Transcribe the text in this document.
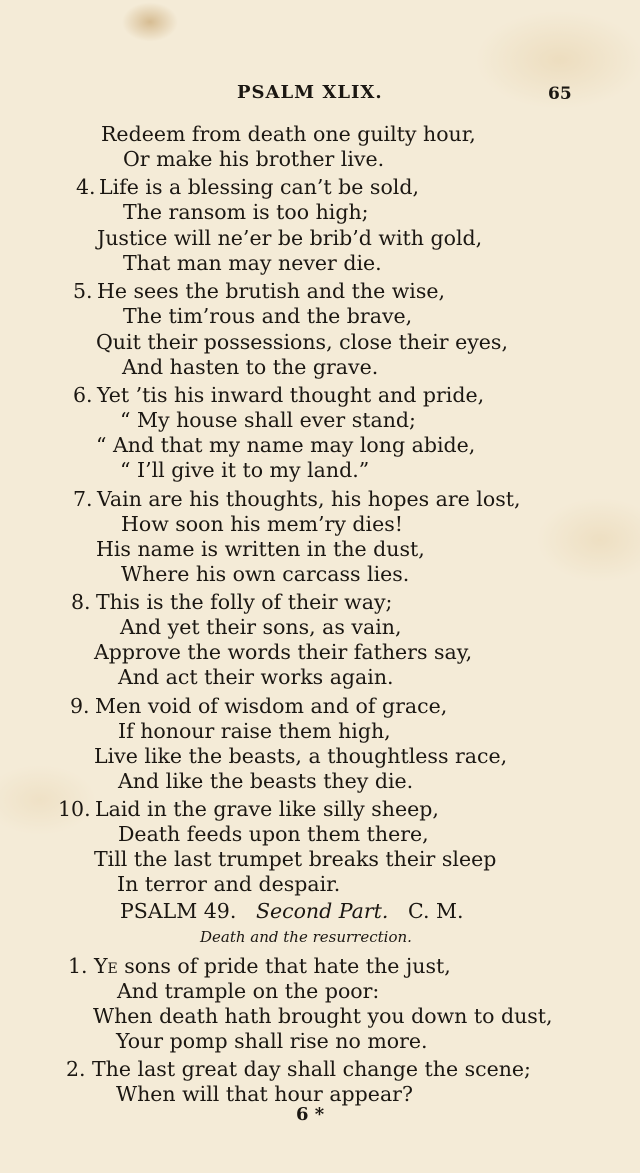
PSALM XLIX.	65
Redeem from death one guilty hour,
Or make his brother live.
4. Life is a blessing can’t be sold,
The ransom is too high;
Justice will ne’er be brib’d with gold,
That man may never die.
5. He sees the brutish and the wise,
The tim’rous and the brave,
Quit their possessions, close their eyes,
And hasten to the grave.
6. Yet ’tis his inward thought and pride,
“ My house shall ever stand;
“ And that my name may long abide,
“ I’ll give it to my land.”
7. Vain are his thoughts, his hopes are lost,
How soon his mem’ry dies!
His name is written in the dust,
Where his own carcass lies.
8. This is the folly of their way;
And yet their sons, as vain,
Approve the words their fathers say,
And act their works again.
9. Men void of wisdom and of grace,
If honour raise them high,
Live like the beasts, a thoughtless race,
And like the beasts they die.
10. Laid in the grave like silly sheep,
Death feeds upon them there,
Till the last trumpet breaks their sleep
In terror and despair.
PSALM 49. Second Part. C. M.
Death and the resurrection.
1. Ye sons of pride that hate the just,
And trample on the poor:
When death hath brought you down to dust,
Your pomp shall rise no more.
2. The last great day shall change the scene;
When will that hour appear?
6 *
